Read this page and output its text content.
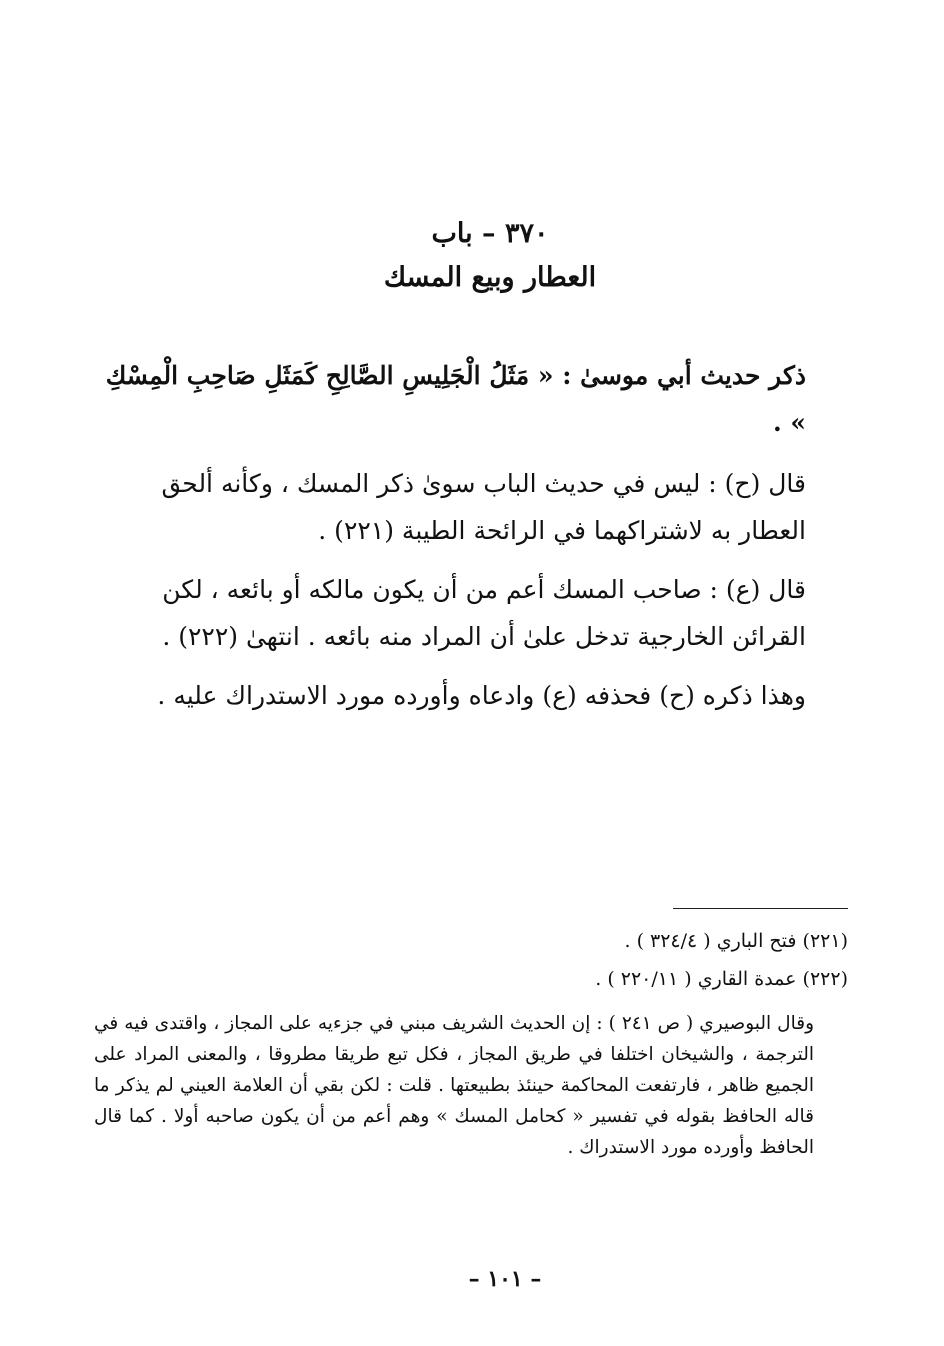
٣٧٠ – باب
العطار وبيع المسك
ذكر حديث أبي موسىٰ : « مَثَلُ الْجَلِيسِ الصَّالِحِ كَمَثَلِ صَاحِبِ الْمِسْكِ » .
قال (ح) : ليس في حديث الباب سوىٰ ذكر المسك ، وكأنه ألحق العطار به لاشتراكهما في الرائحة الطيبة (٢٢١) .
قال (ع) : صاحب المسك أعم من أن يكون مالكه أو بائعه ، لكن القرائن الخارجية تدخل علىٰ أن المراد منه بائعه . انتهىٰ (٢٢٢) .
وهذا ذكره (ح) فحذفه (ع) وادعاه وأورده مورد الاستدراك عليه .
(٢٢١) فتح الباري ( ٣٢٤/٤ ) .
(٢٢٢) عمدة القاري ( ٢٢٠/١١ ) .
وقال البوصيري ( ص ٢٤١ ) : إن الحديث الشريف مبني في جزءيه على المجاز ، واقتدى فيه في الترجمة ، والشيخان اختلفا في طريق المجاز ، فكل تبع طريقا مطروقا ، والمعنى المراد على الجميع ظاهر ، فارتفعت المحاكمة حينئذ بطبيعتها . قلت : لكن بقي أن العلامة العيني لم يذكر ما قاله الحافظ بقوله في تفسير « كحامل المسك » وهم أعم من أن يكون صاحبه أولا . كما قال الحافظ وأورده مورد الاستدراك .
– ١٠١ –
